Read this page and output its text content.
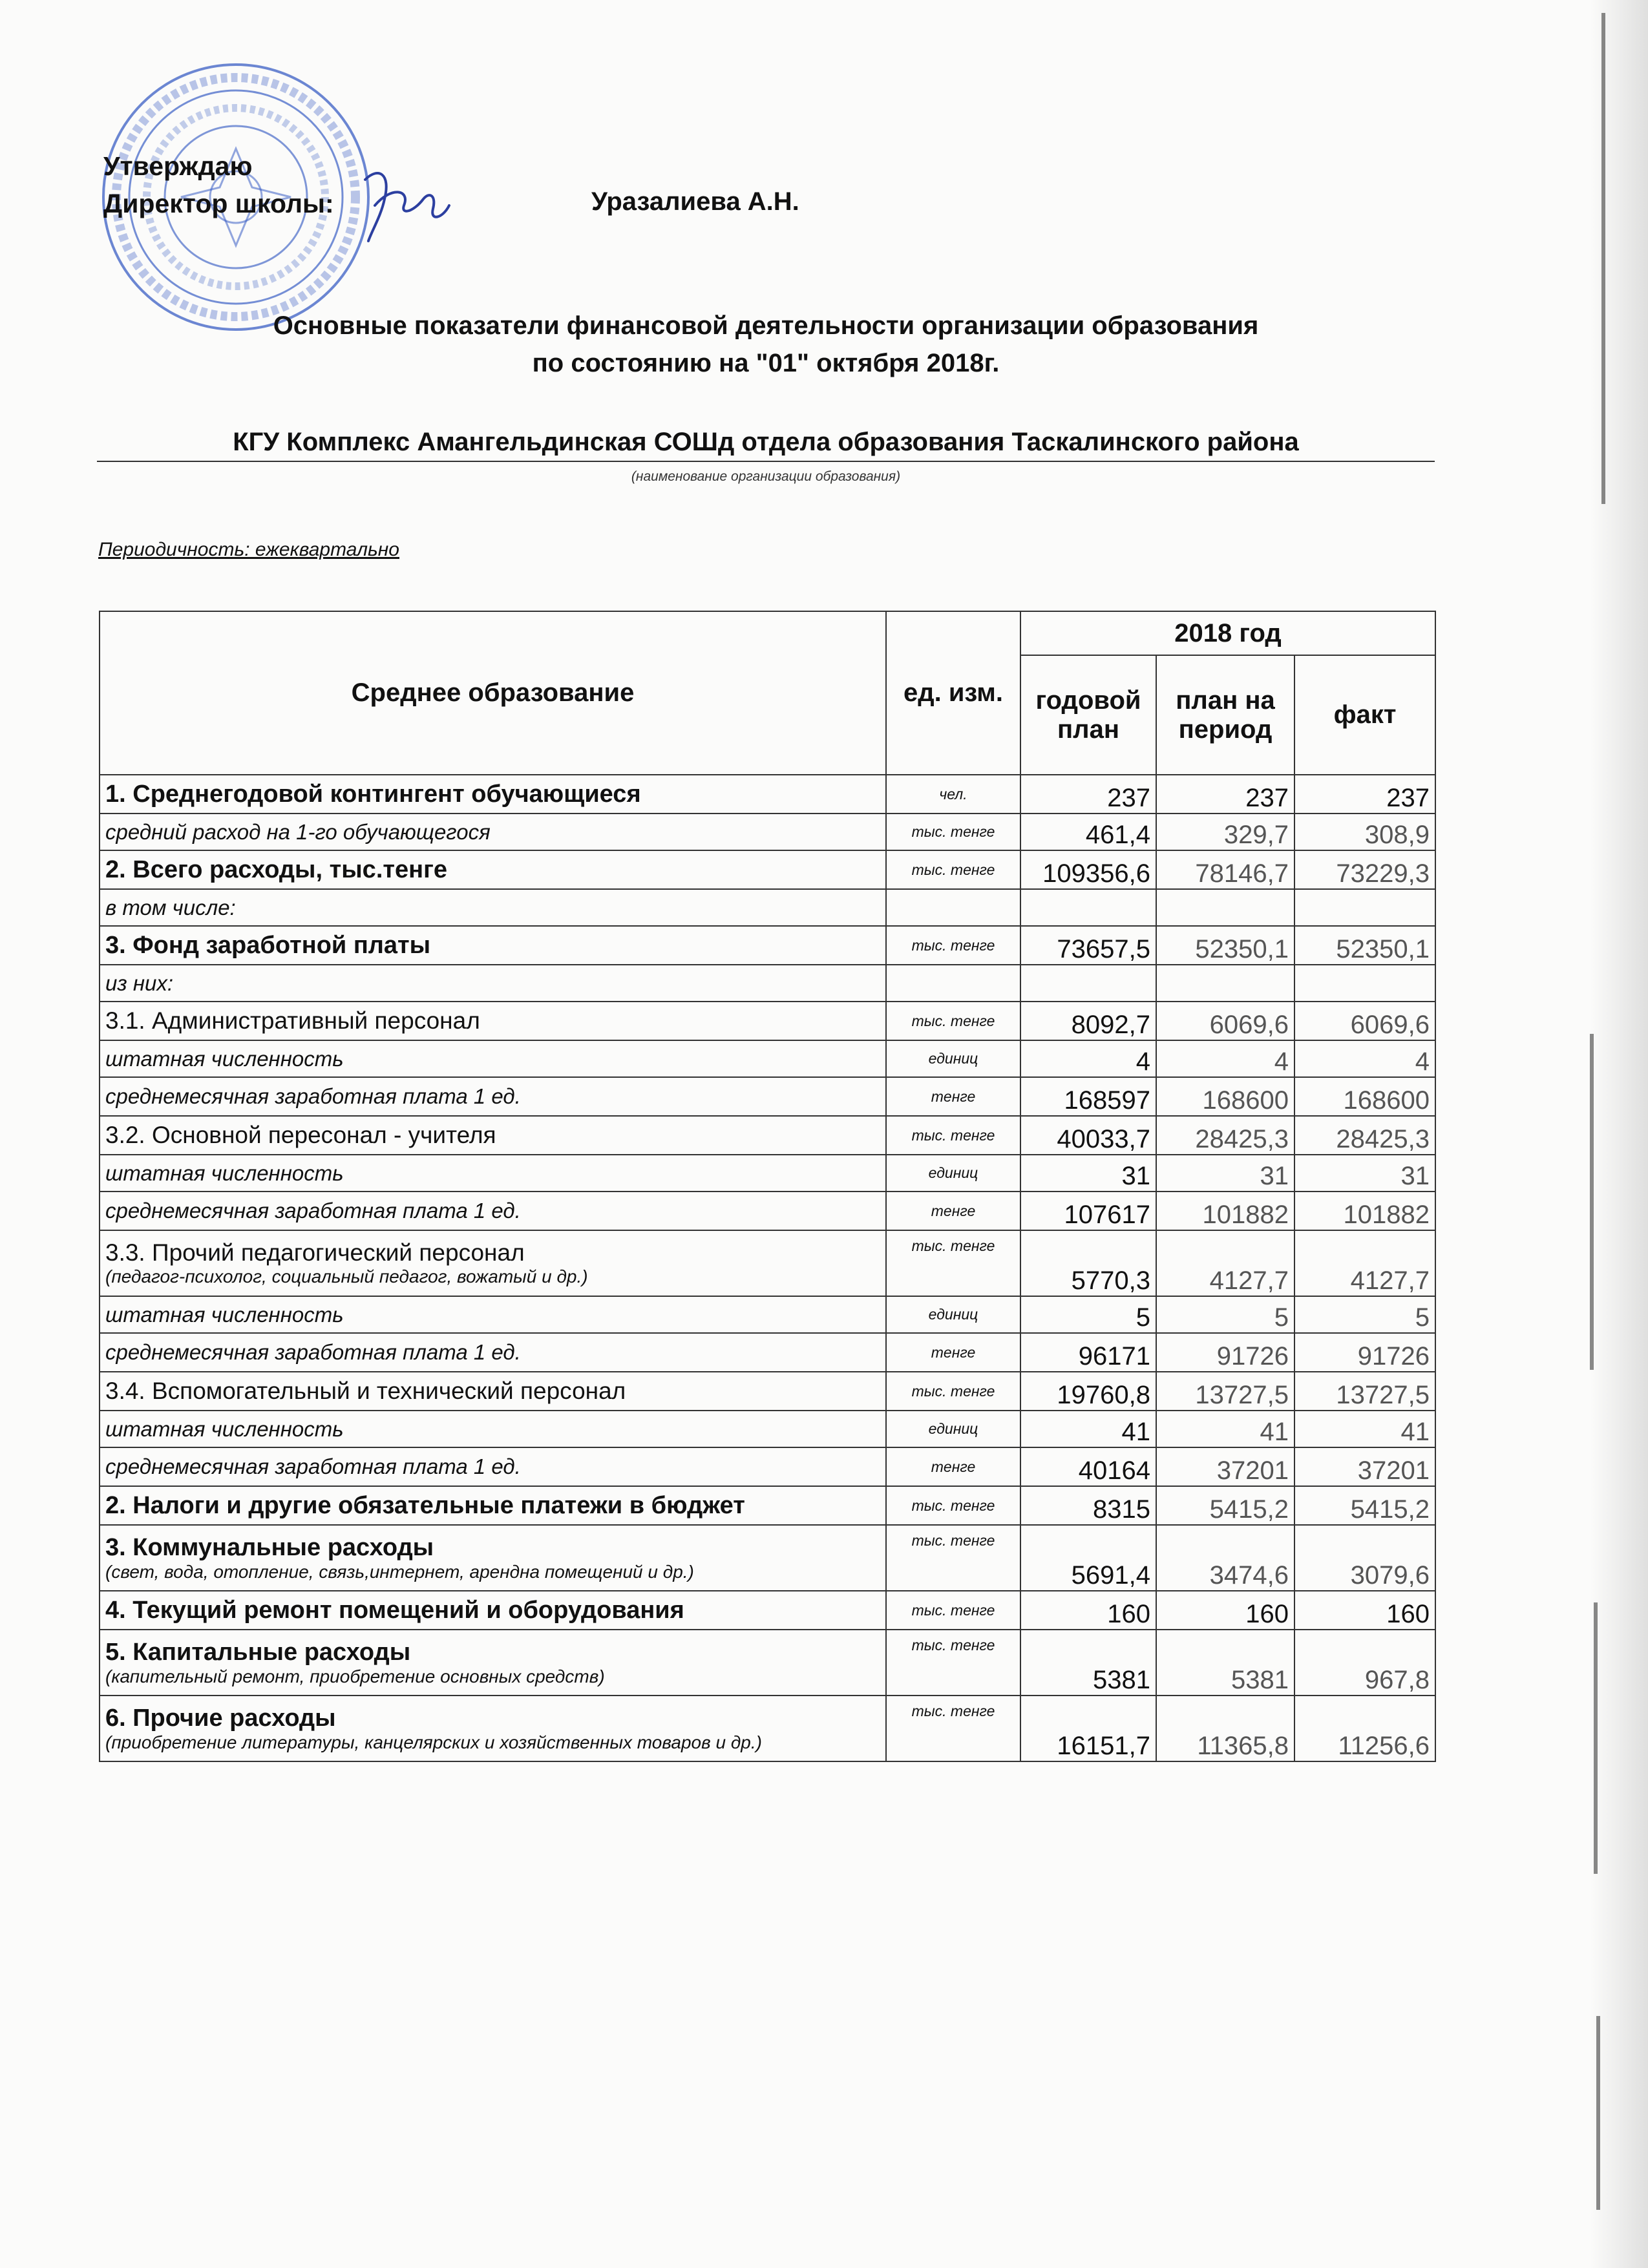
Утверждаю
Директор школы:	Уразалиева А.Н.
Основные показатели финансовой деятельности организации образования
по состоянию на "01" октября 2018г.
КГУ Комплекс Амангельдинская СОШд отдела образования Таскалинского района
(наименование организации образования)
Периодичность: ежеквартально
Среднее образование	ед. изм.	2018 год		
		годовой план	план на период	факт
1. Среднегодовой контингент обучающиеся	чел.	237	237	237
средний расход на 1-го обучающегося	тыс. тенге	461,4	329,7	308,9
2. Всего расходы, тыс.тенге	тыс. тенге	109356,6	78146,7	73229,3
в том числе:				
3. Фонд заработной платы	тыс. тенге	73657,5	52350,1	52350,1
из них:				
3.1. Административный персонал	тыс. тенге	8092,7	6069,6	6069,6
штатная численность	единиц	4	4	4
среднемесячная заработная плата 1 ед.	тенге	168597	168600	168600
3.2. Основной пересонал - учителя	тыс. тенге	40033,7	28425,3	28425,3
штатная численность	единиц	31	31	31
среднемесячная заработная плата 1 ед.	тенге	107617	101882	101882
3.3. Прочий педагогический персонал
(педагог-психолог, социальный педагог, вожатый и др.)	тыс. тенге	5770,3	4127,7	4127,7
штатная численность	единиц	5	5	5
среднемесячная заработная плата 1 ед.	тенге	96171	91726	91726
3.4. Вспомогательный и технический персонал	тыс. тенге	19760,8	13727,5	13727,5
штатная численность	единиц	41	41	41
среднемесячная заработная плата 1 ед.	тенге	40164	37201	37201
2. Налоги и другие обязательные платежи в бюджет	тыс. тенге	8315	5415,2	5415,2
3. Коммунальные расходы
(свет, вода, отопление, связь,интернет, арендна помещений и др.)	тыс. тенге	5691,4	3474,6	3079,6
4. Текущий ремонт помещений и оборудования	тыс. тенге	160	160	160
5. Капитальные расходы
(капительный ремонт, приобретение основных средств)	тыс. тенге	5381	5381	967,8
6. Прочие расходы
(приобретение литературы, канцелярских и хозяйственных товаров и др.)	тыс. тенге	16151,7	11365,8	11256,6
